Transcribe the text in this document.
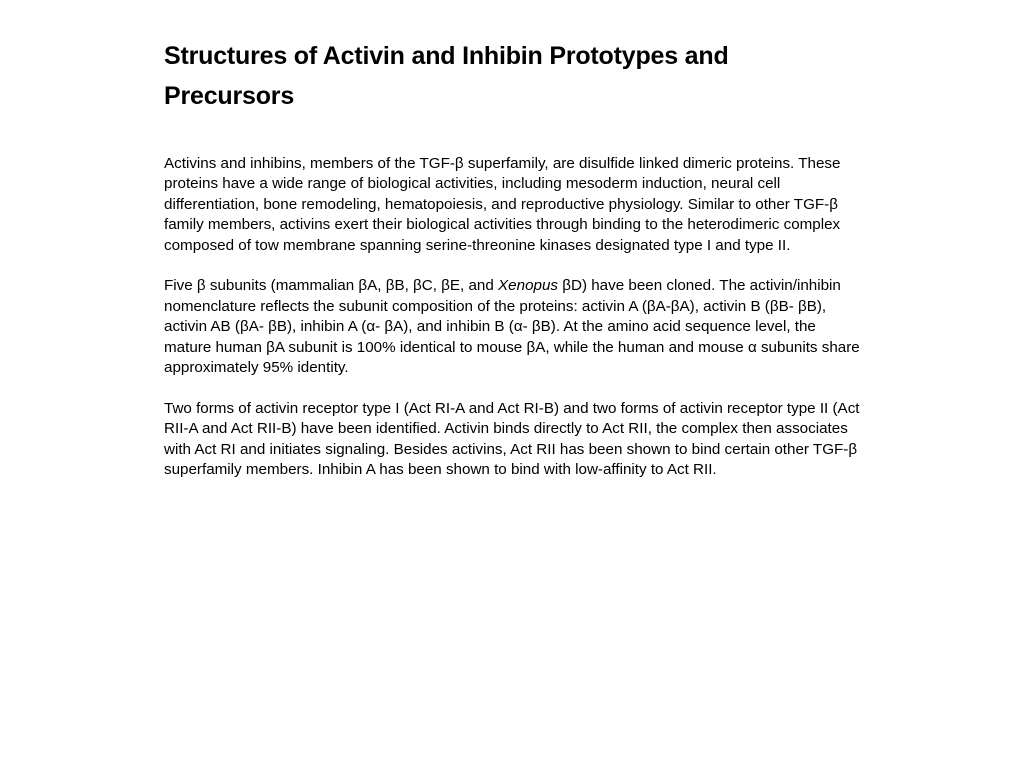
Structures of Activin and Inhibin Prototypes and Precursors

Activins and inhibins, members of the TGF-β superfamily, are disulfide linked dimeric proteins. These proteins have a wide range of biological activities, including mesoderm induction, neural cell differentiation, bone remodeling, hematopoiesis, and reproductive physiology. Similar to other TGF-β family members, activins exert their biological activities through binding to the heterodimeric complex composed of tow membrane spanning serine-threonine kinases designated type I and type II.

Five β subunits (mammalian βA, βB, βC, βE, and Xenopus βD) have been cloned. The activin/inhibin nomenclature reflects the subunit composition of the proteins: activin A (βA-βA), activin B (βB- βB), activin AB (βA- βB), inhibin A (α- βA), and inhibin B (α- βB). At the amino acid sequence level, the mature human βA subunit is 100% identical to mouse βA, while the human and mouse α subunits share approximately 95% identity.

Two forms of activin receptor type I (Act RI-A and Act RI-B) and two forms of activin receptor type II (Act RII-A and Act RII-B) have been identified. Activin binds directly to Act RII, the complex then associates with Act RI and initiates signaling. Besides activins, Act RII has been shown to bind certain other TGF-β superfamily members. Inhibin A has been shown to bind with low-affinity to Act RII.
